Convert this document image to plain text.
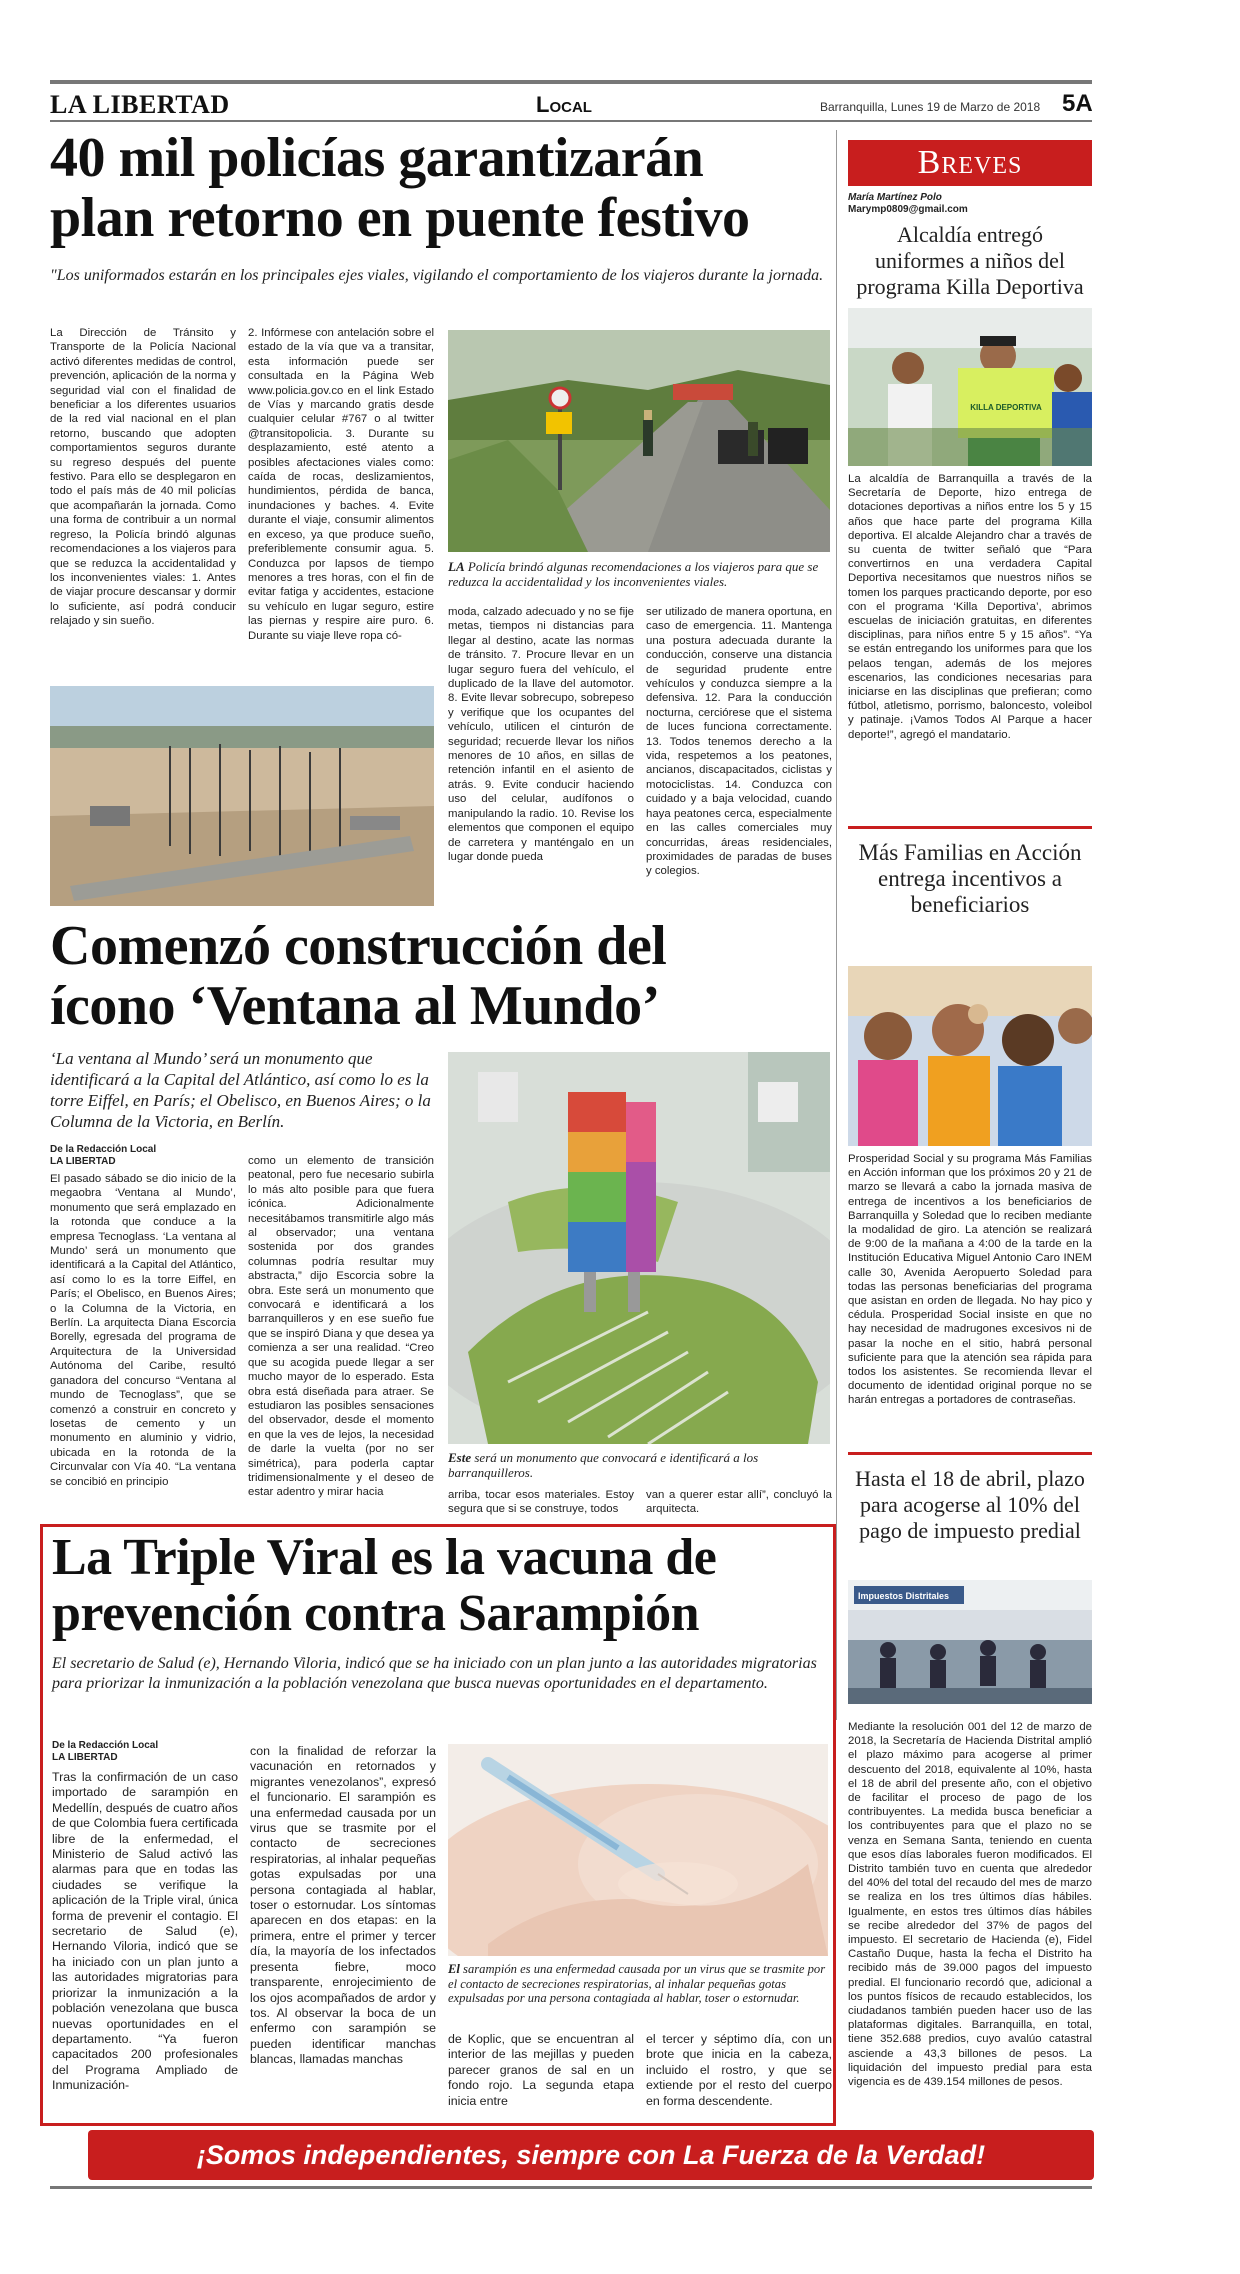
LA LIBERTAD	Local	Barranquilla, Lunes 19 de Marzo de 2018 5A
40 mil policías garantizarán
plan retorno en puente festivo
"Los uniformados estarán en los principales ejes viales, vigilando el comportamiento de los viajeros durante la jornada.

La Dirección de Tránsito y Transporte de la Policía Nacional activó diferentes medidas de control, prevención, aplicación de la norma y seguridad vial con el finalidad de beneficiar a los diferentes usuarios de la red vial nacional en el plan retorno, buscando que adopten comportamientos seguros durante su regreso después del puente festivo. Para ello se desplegaron en todo el país más de 40 mil policías que acompañarán la jornada. Como una forma de contribuir a un normal regreso, la Policía brindó algunas recomendaciones a los viajeros para que se reduzca la accidentalidad y los inconvenientes viales: 1. Antes de viajar procure descansar y dormir lo suficiente, así podrá conducir relajado y sin sueño.

2. Infórmese con antelación sobre el estado de la vía que va a transitar, esta información puede ser consultada en la Página Web www.policia.gov.co en el link Estado de Vías y marcando gratis desde cualquier celular #767 o al twitter @transitopolicia. 3. Durante su desplazamiento, esté atento a posibles afectaciones viales como: caída de rocas, deslizamientos, hundimientos, pérdida de banca, inundaciones y baches. 4. Evite durante el viaje, consumir alimentos en exceso, ya que produce sueño, preferiblemente consumir agua. 5. Conduzca por lapsos de tiempo menores a tres horas, con el fin de evitar fatiga y accidentes, estacione su vehículo en lugar seguro, estire las piernas y respire aire puro. 6. Durante su viaje lleve ropa có-

LA Policía brindó algunas recomendaciones a los viajeros para que se reduzca la accidentalidad y los inconvenientes viales.

moda, calzado adecuado y no se fije metas, tiempos ni distancias para llegar al destino, acate las normas de tránsito. 7. Procure llevar en un lugar seguro fuera del vehículo, el duplicado de la llave del automotor. 8. Evite llevar sobrecupo, sobrepeso y verifique que los ocupantes del vehículo, utilicen el cinturón de seguridad; recuerde llevar los niños menores de 10 años, en sillas de retención infantil en el asiento de atrás. 9. Evite conducir haciendo uso del celular, audífonos o manipulando la radio. 10. Revise los elementos que componen el equipo de carretera y manténgalo en un lugar donde pueda

ser utilizado de manera oportuna, en caso de emergencia. 11. Mantenga una postura adecuada durante la conducción, conserve una distancia de seguridad prudente entre vehículos y conduzca siempre a la defensiva. 12. Para la conducción nocturna, cerciórese que el sistema de luces funciona correctamente. 13. Todos tenemos derecho a la vida, respetemos a los peatones, ancianos, discapacitados, ciclistas y motociclistas. 14. Conduzca con cuidado y a baja velocidad, cuando haya peatones cerca, especialmente en las calles comerciales muy concurridas, áreas residenciales, proximidades de paradas de buses y colegios.

Comenzó construcción del
ícono ‘Ventana al Mundo’
‘La ventana al Mundo’ será un monumento que identificará a la Capital del Atlántico, así como lo es la torre Eiffel, en París; el Obelisco, en Buenos Aires; o la Columna de la Victoria, en Berlín.
De la Redacción Local
LA LIBERTAD

El pasado sábado se dio inicio de la megaobra ‘Ventana al Mundo’, monumento que será emplazado en la rotonda que conduce a la empresa Tecnoglass. ‘La ventana al Mundo’ será un monumento que identificará a la Capital del Atlántico, así como lo es la torre Eiffel, en París; el Obelisco, en Buenos Aires; o la Columna de la Victoria, en Berlín. La arquitecta Diana Escorcia Borelly, egresada del programa de Arquitectura de la Universidad Autónoma del Caribe, resultó ganadora del concurso “Ventana al mundo de Tecnoglass”, que se comenzó a construir en concreto y losetas de cemento y un monumento en aluminio y vidrio, ubicada en la rotonda de la Circunvalar con Vía 40. “La ventana se concibió en principio

como un elemento de transición peatonal, pero fue necesario subirla lo más alto posible para que fuera icónica. Adicionalmente necesitábamos transmitirle algo más al observador; una ventana sostenida por dos grandes columnas podría resultar muy abstracta,” dijo Escorcia sobre la obra. Este será un monumento que convocará e identificará a los barranquilleros y en ese sueño fue que se inspiró Diana y que desea ya comienza a ser una realidad. “Creo que su acogida puede llegar a ser mucho mayor de lo esperado. Esta obra está diseñada para atraer. Se estudiaron las posibles sensaciones del observador, desde el momento en que la ves de lejos, la necesidad de darle la vuelta (por no ser simétrica), para poderla captar tridimensionalmente y el deseo de estar adentro y mirar hacia

Este será un monumento que convocará e identificará a los barranquilleros.

arriba, tocar esos materiales. Estoy segura que si se construye, todos

van a querer estar allí”, concluyó la arquitecta.

La Triple Viral es la vacuna de
prevención contra Sarampión
El secretario de Salud (e), Hernando Viloria, indicó que se ha iniciado con un plan junto a las autoridades migratorias para priorizar la inmunización a la población venezolana que busca nuevas oportunidades en el departamento.
De la Redacción Local
LA LIBERTAD

Tras la confirmación de un caso importado de sarampión en Medellín, después de cuatro años de que Colombia fuera certificada libre de la enfermedad, el Ministerio de Salud activó las alarmas para que en todas las ciudades se verifique la aplicación de la Triple viral, única forma de prevenir el contagio. El secretario de Salud (e), Hernando Viloria, indicó que se ha iniciado con un plan junto a las autoridades migratorias para priorizar la inmunización a la población venezolana que busca nuevas oportunidades en el departamento. “Ya fueron capacitados 200 profesionales del Programa Ampliado de Inmunización-

con la finalidad de reforzar la vacunación en retornados y migrantes venezolanos”, expresó el funcionario. El sarampión es una enfermedad causada por un virus que se trasmite por el contacto de secreciones respiratorias, al inhalar pequeñas gotas expulsadas por una persona contagiada al hablar, toser o estornudar. Los síntomas aparecen en dos etapas: en la primera, entre el primer y tercer día, la mayoría de los infectados presenta fiebre, moco transparente, enrojecimiento de los ojos acompañados de ardor y tos. Al observar la boca de un enfermo con sarampión se pueden identificar manchas blancas, llamadas manchas

El sarampión es una enfermedad causada por un virus que se trasmite por el contacto de secreciones respiratorias, al inhalar pequeñas gotas expulsadas por una persona contagiada al hablar, toser o estornudar.

de Koplic, que se encuentran al interior de las mejillas y pueden parecer granos de sal en un fondo rojo. La segunda etapa inicia entre

el tercer y séptimo día, con un brote que inicia en la cabeza, incluido el rostro, y que se extiende por el resto del cuerpo en forma descendente.

Breves
María Martínez Polo
Marymp0809@gmail.com
Alcaldía entregó uniformes a niños del programa Killa Deportiva
KILLA DEPORTIVA
La alcaldía de Barranquilla a través de la Secretaría de Deporte, hizo entrega de dotaciones deportivas a niños entre los 5 y 15 años que hace parte del programa Killa deportiva. El alcalde Alejandro char a través de su cuenta de twitter señaló que “Para convertirnos en una verdadera Capital Deportiva necesitamos que nuestros niños se tomen los parques practicando deporte, por eso con el programa ‘Killa Deportiva’, abrimos escuelas de iniciación gratuitas, en diferentes disciplinas, para niños entre 5 y 15 años”. “Ya se están entregando los uniformes para que los pelaos tengan, además de los mejores escenarios, las condiciones necesarias para iniciarse en las disciplinas que prefieran; como fútbol, atletismo, porrismo, baloncesto, voleibol y patinaje. ¡Vamos Todos Al Parque a hacer deporte!”, agregó el mandatario.
Más Familias en Acción entrega incentivos a beneficiarios
Prosperidad Social y su programa Más Familias en Acción informan que los próximos 20 y 21 de marzo se llevará a cabo la jornada masiva de entrega de incentivos a los beneficiarios de Barranquilla y Soledad que lo reciben mediante la modalidad de giro. La atención se realizará de 9:00 de la mañana a 4:00 de la tarde en la Institución Educativa Miguel Antonio Caro INEM calle 30, Avenida Aeropuerto Soledad para todas las personas beneficiarias del programa que asistan en orden de llegada. No hay pico y cédula. Prosperidad Social insiste en que no hay necesidad de madrugones excesivos ni de pasar la noche en el sitio, habrá personal suficiente para que la atención sea rápida para todos los asistentes. Se recomienda llevar el documento de identidad original porque no se harán entregas a portadores de contraseñas.
Hasta el 18 de abril, plazo para acogerse al 10% del pago de impuesto predial
Impuestos Distritales
Mediante la resolución 001 del 12 de marzo de 2018, la Secretaría de Hacienda Distrital amplió el plazo máximo para acogerse al primer descuento del 2018, equivalente al 10%, hasta el 18 de abril del presente año, con el objetivo de facilitar el proceso de pago de los contribuyentes. La medida busca beneficiar a los contribuyentes para que el plazo no se venza en Semana Santa, teniendo en cuenta que esos días laborales fueron modificados. El Distrito también tuvo en cuenta que alrededor del 40% del total del recaudo del mes de marzo se realiza en los tres últimos días hábiles. Igualmente, en estos tres últimos días hábiles se recibe alrededor del 37% de pagos del impuesto. El secretario de Hacienda (e), Fidel Castaño Duque, hasta la fecha el Distrito ha recibido más de 39.000 pagos del impuesto predial. El funcionario recordó que, adicional a los puntos físicos de recaudo establecidos, los ciudadanos también pueden hacer uso de las plataformas digitales. Barranquilla, en total, tiene 352.688 predios, cuyo avalúo catastral asciende a 43,3 billones de pesos. La liquidación del impuesto predial para esta vigencia es de 439.154 millones de pesos.
¡Somos independientes, siempre con La Fuerza de la Verdad!
